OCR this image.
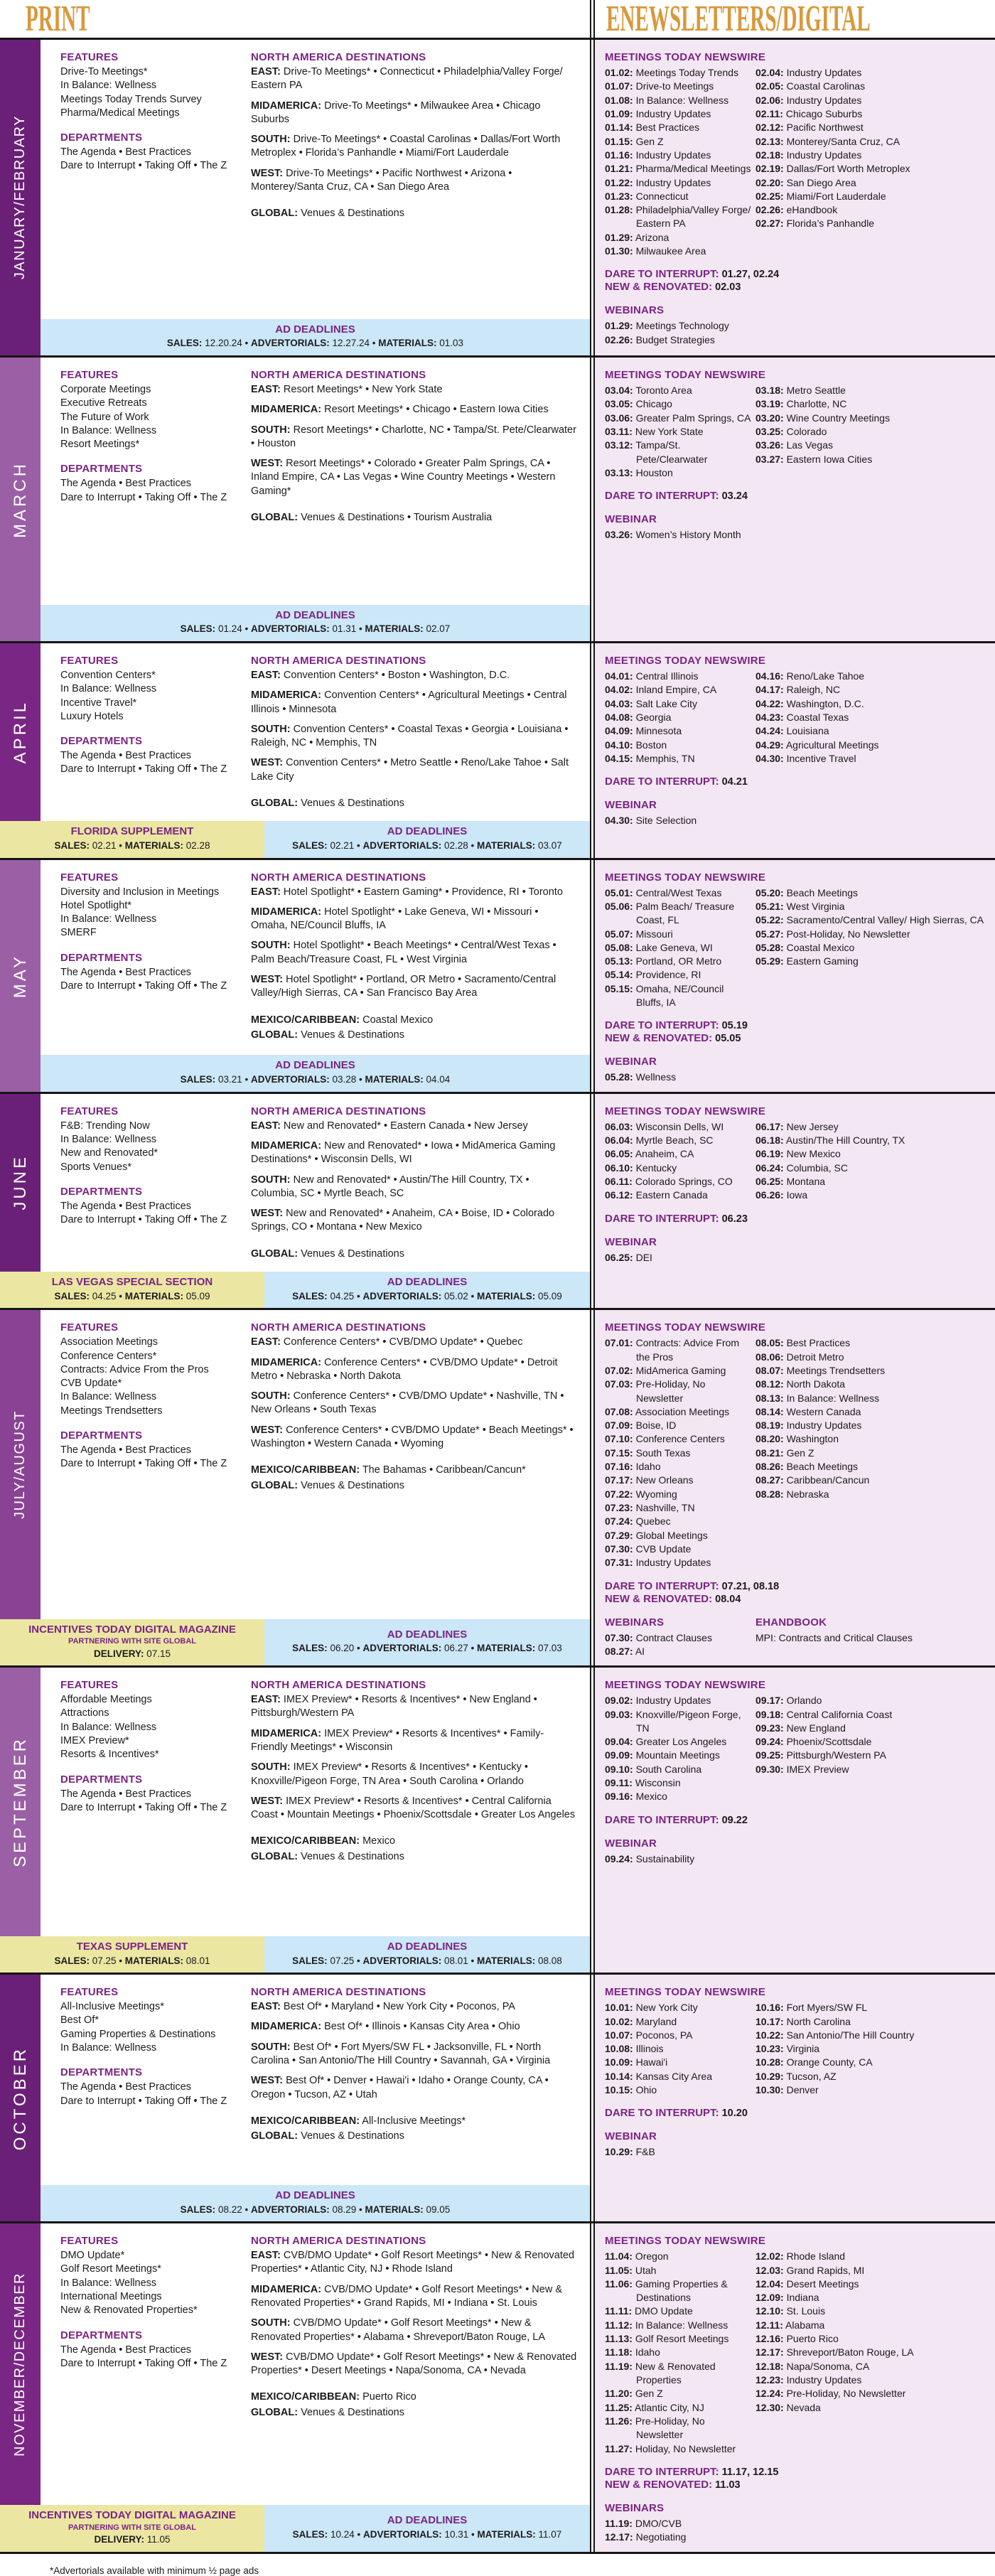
PRINT	ENEWSLETTERS/DIGITAL
JANUARY/FEBRUARY
FEATURES
Drive-To Meetings*
In Balance: Wellness
Meetings Today Trends Survey
Pharma/Medical Meetings
DEPARTMENTS
The Agenda • Best Practices
Dare to Interrupt • Taking Off • The Z
NORTH AMERICA DESTINATIONS

EAST: Drive-To Meetings* • Connecticut • Philadelphia/Valley Forge/ Eastern PA

MIDAMERICA: Drive-To Meetings* • Milwaukee Area • Chicago Suburbs

SOUTH: Drive-To Meetings* • Coastal Carolinas • Dallas/Fort Worth Metroplex • Florida’s Panhandle • Miami/Fort Lauderdale

WEST: Drive-To Meetings* • Pacific Northwest • Arizona • Monterey/Santa Cruz, CA • San Diego Area

GLOBAL: Venues & Destinations

AD DEADLINES
SALES: 12.20.24 • ADVERTORIALS: 12.27.24 • MATERIALS: 01.03
MEETINGS TODAY NEWSWIRE
01.02: Meetings Today Trends
01.07: Drive-to Meetings
01.08: In Balance: Wellness
01.09: Industry Updates
01.14: Best Practices
01.15: Gen Z
01.16: Industry Updates
01.21: Pharma/Medical Meetings
01.22: Industry Updates
01.23: Connecticut
01.28: Philadelphia/Valley Forge/ Eastern PA
01.29: Arizona
01.30: Milwaukee Area
02.04: Industry Updates
02.05: Coastal Carolinas
02.06: Industry Updates
02.11: Chicago Suburbs
02.12: Pacific Northwest
02.13: Monterey/Santa Cruz, CA
02.18: Industry Updates
02.19: Dallas/Fort Worth Metroplex
02.20: San Diego Area
02.25: Miami/Fort Lauderdale
02.26: eHandbook
02.27: Florida’s Panhandle

DARE TO INTERRUPT: 01.27, 02.24

NEW & RENOVATED: 02.03

WEBINARS
01.29: Meetings Technology
02.26: Budget Strategies
MARCH
FEATURES
Corporate Meetings
Executive Retreats
The Future of Work
In Balance: Wellness
Resort Meetings*
DEPARTMENTS
The Agenda • Best Practices
Dare to Interrupt • Taking Off • The Z
NORTH AMERICA DESTINATIONS

EAST: Resort Meetings* • New York State

MIDAMERICA: Resort Meetings* • Chicago • Eastern Iowa Cities

SOUTH: Resort Meetings* • Charlotte, NC • Tampa/St. Pete/Clearwater • Houston

WEST: Resort Meetings* • Colorado • Greater Palm Springs, CA • Inland Empire, CA • Las Vegas • Wine Country Meetings • Western Gaming*

GLOBAL: Venues & Destinations • Tourism Australia

AD DEADLINES
SALES: 01.24 • ADVERTORIALS: 01.31 • MATERIALS: 02.07
MEETINGS TODAY NEWSWIRE
03.04: Toronto Area
03.05: Chicago
03.06: Greater Palm Springs, CA
03.11: New York State
03.12: Tampa/St. Pete/Clearwater
03.13: Houston
03.18: Metro Seattle
03.19: Charlotte, NC
03.20: Wine Country Meetings
03.25: Colorado
03.26: Las Vegas
03.27: Eastern Iowa Cities

DARE TO INTERRUPT: 03.24

WEBINAR
03.26: Women’s History Month
APRIL
FEATURES
Convention Centers*
In Balance: Wellness
Incentive Travel*
Luxury Hotels
DEPARTMENTS
The Agenda • Best Practices
Dare to Interrupt • Taking Off • The Z
NORTH AMERICA DESTINATIONS

EAST: Convention Centers* • Boston • Washington, D.C.

MIDAMERICA: Convention Centers* • Agricultural Meetings • Central Illinois • Minnesota

SOUTH: Convention Centers* • Coastal Texas • Georgia • Louisiana • Raleigh, NC • Memphis, TN

WEST: Convention Centers* • Metro Seattle • Reno/Lake Tahoe • Salt Lake City

GLOBAL: Venues & Destinations

FLORIDA SUPPLEMENT
SALES: 02.21 • MATERIALS: 02.28
AD DEADLINES
SALES: 02.21 • ADVERTORIALS: 02.28 • MATERIALS: 03.07
MEETINGS TODAY NEWSWIRE
04.01: Central Illinois
04.02: Inland Empire, CA
04.03: Salt Lake City
04.08: Georgia
04.09: Minnesota
04.10: Boston
04.15: Memphis, TN
04.16: Reno/Lake Tahoe
04.17: Raleigh, NC
04.22: Washington, D.C.
04.23: Coastal Texas
04.24: Louisiana
04.29: Agricultural Meetings
04.30: Incentive Travel

DARE TO INTERRUPT: 04.21

WEBINAR
04.30: Site Selection
MAY
FEATURES
Diversity and Inclusion in Meetings
Hotel Spotlight*
In Balance: Wellness
SMERF
DEPARTMENTS
The Agenda • Best Practices
Dare to Interrupt • Taking Off • The Z
NORTH AMERICA DESTINATIONS

EAST: Hotel Spotlight* • Eastern Gaming* • Providence, RI • Toronto

MIDAMERICA: Hotel Spotlight* • Lake Geneva, WI • Missouri • Omaha, NE/Council Bluffs, IA

SOUTH: Hotel Spotlight* • Beach Meetings* • Central/West Texas • Palm Beach/Treasure Coast, FL • West Virginia

WEST: Hotel Spotlight* • Portland, OR Metro • Sacramento/Central Valley/High Sierras, CA • San Francisco Bay Area

MEXICO/CARIBBEAN: Coastal Mexico

GLOBAL: Venues & Destinations

AD DEADLINES
SALES: 03.21 • ADVERTORIALS: 03.28 • MATERIALS: 04.04
MEETINGS TODAY NEWSWIRE
05.01: Central/West Texas
05.06: Palm Beach/ Treasure Coast, FL
05.07: Missouri
05.08: Lake Geneva, WI
05.13: Portland, OR Metro
05.14: Providence, RI
05.15: Omaha, NE/Council Bluffs, IA
05.20: Beach Meetings
05.21: West Virginia
05.22: Sacramento/Central Valley/ High Sierras, CA
05.27: Post-Holiday, No Newsletter
05.28: Coastal Mexico
05.29: Eastern Gaming

DARE TO INTERRUPT: 05.19

NEW & RENOVATED: 05.05

WEBINAR
05.28: Wellness
JUNE
FEATURES
F&B: Trending Now
In Balance: Wellness
New and Renovated*
Sports Venues*
DEPARTMENTS
The Agenda • Best Practices
Dare to Interrupt • Taking Off • The Z
NORTH AMERICA DESTINATIONS

EAST: New and Renovated* • Eastern Canada • New Jersey

MIDAMERICA: New and Renovated* • Iowa • MidAmerica Gaming Destinations* • Wisconsin Dells, WI

SOUTH: New and Renovated* • Austin/The Hill Country, TX • Columbia, SC • Myrtle Beach, SC

WEST: New and Renovated* • Anaheim, CA • Boise, ID • Colorado Springs, CO • Montana • New Mexico

GLOBAL: Venues & Destinations

LAS VEGAS SPECIAL SECTION
SALES: 04.25 • MATERIALS: 05.09
AD DEADLINES
SALES: 04.25 • ADVERTORIALS: 05.02 • MATERIALS: 05.09
MEETINGS TODAY NEWSWIRE
06.03: Wisconsin Dells, WI
06.04: Myrtle Beach, SC
06.05: Anaheim, CA
06.10: Kentucky
06.11: Colorado Springs, CO
06.12: Eastern Canada
06.17: New Jersey
06.18: Austin/The Hill Country, TX
06.19: New Mexico
06.24: Columbia, SC
06.25: Montana
06.26: Iowa

DARE TO INTERRUPT: 06.23

WEBINAR
06.25: DEI
JULY/AUGUST
FEATURES
Association Meetings
Conference Centers*
Contracts: Advice From the Pros
CVB Update*
In Balance: Wellness
Meetings Trendsetters
DEPARTMENTS
The Agenda • Best Practices
Dare to Interrupt • Taking Off • The Z
NORTH AMERICA DESTINATIONS

EAST: Conference Centers* • CVB/DMO Update* • Quebec

MIDAMERICA: Conference Centers* • CVB/DMO Update* • Detroit Metro • Nebraska • North Dakota

SOUTH: Conference Centers* • CVB/DMO Update* • Nashville, TN • New Orleans • South Texas

WEST: Conference Centers* • CVB/DMO Update* • Beach Meetings* • Washington • Western Canada • Wyoming

MEXICO/CARIBBEAN: The Bahamas • Caribbean/Cancun*

GLOBAL: Venues & Destinations

INCENTIVES TODAY DIGITAL MAGAZINE
PARTNERING WITH SITE GLOBAL
DELIVERY: 07.15
AD DEADLINES
SALES: 06.20 • ADVERTORIALS: 06.27 • MATERIALS: 07.03
MEETINGS TODAY NEWSWIRE
07.01: Contracts: Advice From the Pros
07.02: MidAmerica Gaming
07.03: Pre-Holiday, No Newsletter
07.08: Association Meetings
07.09: Boise, ID
07.10: Conference Centers
07.15: South Texas
07.16: Idaho
07.17: New Orleans
07.22: Wyoming
07.23: Nashville, TN
07.24: Quebec
07.29: Global Meetings
07.30: CVB Update
07.31: Industry Updates
08.05: Best Practices
08.06: Detroit Metro
08.07: Meetings Trendsetters
08.12: North Dakota
08.13: In Balance: Wellness
08.14: Western Canada
08.19: Industry Updates
08.20: Washington
08.21: Gen Z
08.26: Beach Meetings
08.27: Caribbean/Cancun
08.28: Nebraska

DARE TO INTERRUPT: 07.21, 08.18

NEW & RENOVATED: 08.04

WEBINARS
07.30: Contract Clauses
08.27: AI
EHANDBOOK
MPI: Contracts and Critical Clauses
SEPTEMBER
FEATURES
Affordable Meetings
Attractions
In Balance: Wellness
IMEX Preview*
Resorts & Incentives*
DEPARTMENTS
The Agenda • Best Practices
Dare to Interrupt • Taking Off • The Z
NORTH AMERICA DESTINATIONS

EAST: IMEX Preview* • Resorts & Incentives* • New England • Pittsburgh/Western PA

MIDAMERICA: IMEX Preview* • Resorts & Incentives* • Family-Friendly Meetings* • Wisconsin

SOUTH: IMEX Preview* • Resorts & Incentives* • Kentucky • Knoxville/Pigeon Forge, TN Area • South Carolina • Orlando

WEST: IMEX Preview* • Resorts & Incentives* • Central California Coast • Mountain Meetings • Phoenix/Scottsdale • Greater Los Angeles

MEXICO/CARIBBEAN: Mexico

GLOBAL: Venues & Destinations

TEXAS SUPPLEMENT
SALES: 07.25 • MATERIALS: 08.01
AD DEADLINES
SALES: 07.25 • ADVERTORIALS: 08.01 • MATERIALS: 08.08
MEETINGS TODAY NEWSWIRE
09.02: Industry Updates
09.03: Knoxville/Pigeon Forge, TN
09.04: Greater Los Angeles
09.09: Mountain Meetings
09.10: South Carolina
09.11: Wisconsin
09.16: Mexico
09.17: Orlando
09.18: Central California Coast
09.23: New England
09.24: Phoenix/Scottsdale
09.25: Pittsburgh/Western PA
09.30: IMEX Preview

DARE TO INTERRUPT: 09.22

WEBINAR
09.24: Sustainability
OCTOBER
FEATURES
All-Inclusive Meetings*
Best Of*
Gaming Properties & Destinations
In Balance: Wellness
DEPARTMENTS
The Agenda • Best Practices
Dare to Interrupt • Taking Off • The Z
NORTH AMERICA DESTINATIONS

EAST: Best Of* • Maryland • New York City • Poconos, PA

MIDAMERICA: Best Of* • Illinois • Kansas City Area • Ohio

SOUTH: Best Of* • Fort Myers/SW FL • Jacksonville, FL • North Carolina • San Antonio/The Hill Country • Savannah, GA • Virginia

WEST: Best Of* • Denver • Hawai'i • Idaho • Orange County, CA • Oregon • Tucson, AZ • Utah

MEXICO/CARIBBEAN: All-Inclusive Meetings*

GLOBAL: Venues & Destinations

AD DEADLINES
SALES: 08.22 • ADVERTORIALS: 08.29 • MATERIALS: 09.05
MEETINGS TODAY NEWSWIRE
10.01: New York City
10.02: Maryland
10.07: Poconos, PA
10.08: Illinois
10.09: Hawai'i
10.14: Kansas City Area
10.15: Ohio
10.16: Fort Myers/SW FL
10.17: North Carolina
10.22: San Antonio/The Hill Country
10.23: Virginia
10.28: Orange County, CA
10.29: Tucson, AZ
10.30: Denver

DARE TO INTERRUPT: 10.20

WEBINAR
10.29: F&B
NOVEMBER/DECEMBER
FEATURES
DMO Update*
Golf Resort Meetings*
In Balance: Wellness
International Meetings
New & Renovated Properties*
DEPARTMENTS
The Agenda • Best Practices
Dare to Interrupt • Taking Off • The Z
NORTH AMERICA DESTINATIONS

EAST: CVB/DMO Update* • Golf Resort Meetings* • New & Renovated Properties* • Atlantic City, NJ • Rhode Island

MIDAMERICA: CVB/DMO Update* • Golf Resort Meetings* • New & Renovated Properties* • Grand Rapids, MI • Indiana • St. Louis

SOUTH: CVB/DMO Update* • Golf Resort Meetings* • New & Renovated Properties* • Alabama • Shreveport/Baton Rouge, LA

WEST: CVB/DMO Update* • Golf Resort Meetings* • New & Renovated Properties* • Desert Meetings • Napa/Sonoma, CA • Nevada

MEXICO/CARIBBEAN: Puerto Rico

GLOBAL: Venues & Destinations

INCENTIVES TODAY DIGITAL MAGAZINE
PARTNERING WITH SITE GLOBAL
DELIVERY: 11.05
AD DEADLINES
SALES: 10.24 • ADVERTORIALS: 10.31 • MATERIALS: 11.07
MEETINGS TODAY NEWSWIRE
11.04: Oregon
11.05: Utah
11.06: Gaming Properties & Destinations
11.11: DMO Update
11.12: In Balance: Wellness
11.13: Golf Resort Meetings
11.18: Idaho
11.19: New & Renovated Properties
11.20: Gen Z
11.25: Atlantic City, NJ
11.26: Pre-Holiday, No Newsletter
11.27: Holiday, No Newsletter
12.02: Rhode Island
12.03: Grand Rapids, MI
12.04: Desert Meetings
12.09: Indiana
12.10: St. Louis
12.11: Alabama
12.16: Puerto Rico
12.17: Shreveport/Baton Rouge, LA
12.18: Napa/Sonoma, CA
12.23: Industry Updates
12.24: Pre-Holiday, No Newsletter
12.30: Nevada

DARE TO INTERRUPT: 11.17, 12.15

NEW & RENOVATED: 11.03

WEBINARS
11.19: DMO/CVB
12.17: Negotiating
*Advertorials available with minimum ½ page ads
